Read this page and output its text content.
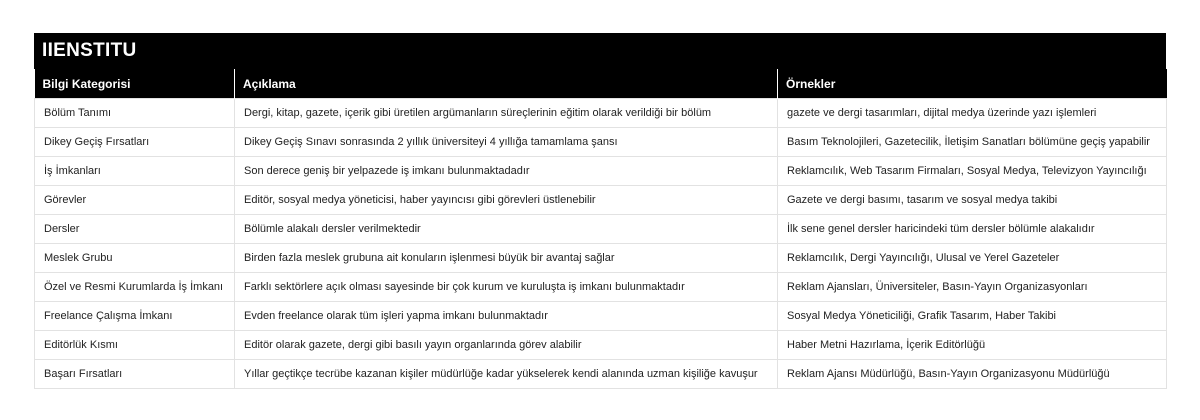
IIENSTITU
Bilgi Kategorisi	Açıklama	Örnekler
Bölüm Tanımı	Dergi, kitap, gazete, içerik gibi üretilen argümanların süreçlerinin eğitim olarak verildiği bir bölüm	gazete ve dergi tasarımları, dijital medya üzerinde yazı işlemleri
Dikey Geçiş Fırsatları	Dikey Geçiş Sınavı sonrasında 2 yıllık üniversiteyi 4 yıllığa tamamlama şansı	Basım Teknolojileri, Gazetecilik, İletişim Sanatları bölümüne geçiş yapabilir
İş İmkanları	Son derece geniş bir yelpazede iş imkanı bulunmaktadadır	Reklamcılık, Web Tasarım Firmaları, Sosyal Medya, Televizyon Yayıncılığı
Görevler	Editör, sosyal medya yöneticisi, haber yayıncısı gibi görevleri üstlenebilir	Gazete ve dergi basımı, tasarım ve sosyal medya takibi
Dersler	Bölümle alakalı dersler verilmektedir	İlk sene genel dersler haricindeki tüm dersler bölümle alakalıdır
Meslek Grubu	Birden fazla meslek grubuna ait konuların işlenmesi büyük bir avantaj sağlar	Reklamcılık, Dergi Yayıncılığı, Ulusal ve Yerel Gazeteler
Özel ve Resmi Kurumlarda İş İmkanı	Farklı sektörlere açık olması sayesinde bir çok kurum ve kuruluşta iş imkanı bulunmaktadır	Reklam Ajansları, Üniversiteler, Basın-Yayın Organizasyonları
Freelance Çalışma İmkanı	Evden freelance olarak tüm işleri yapma imkanı bulunmaktadır	Sosyal Medya Yöneticiliği, Grafik Tasarım, Haber Takibi
Editörlük Kısmı	Editör olarak gazete, dergi gibi basılı yayın organlarında görev alabilir	Haber Metni Hazırlama, İçerik Editörlüğü
Başarı Fırsatları	Yıllar geçtikçe tecrübe kazanan kişiler müdürlüğe kadar yükselerek kendi alanında uzman kişiliğe kavuşur	Reklam Ajansı Müdürlüğü, Basın-Yayın Organizasyonu Müdürlüğü
